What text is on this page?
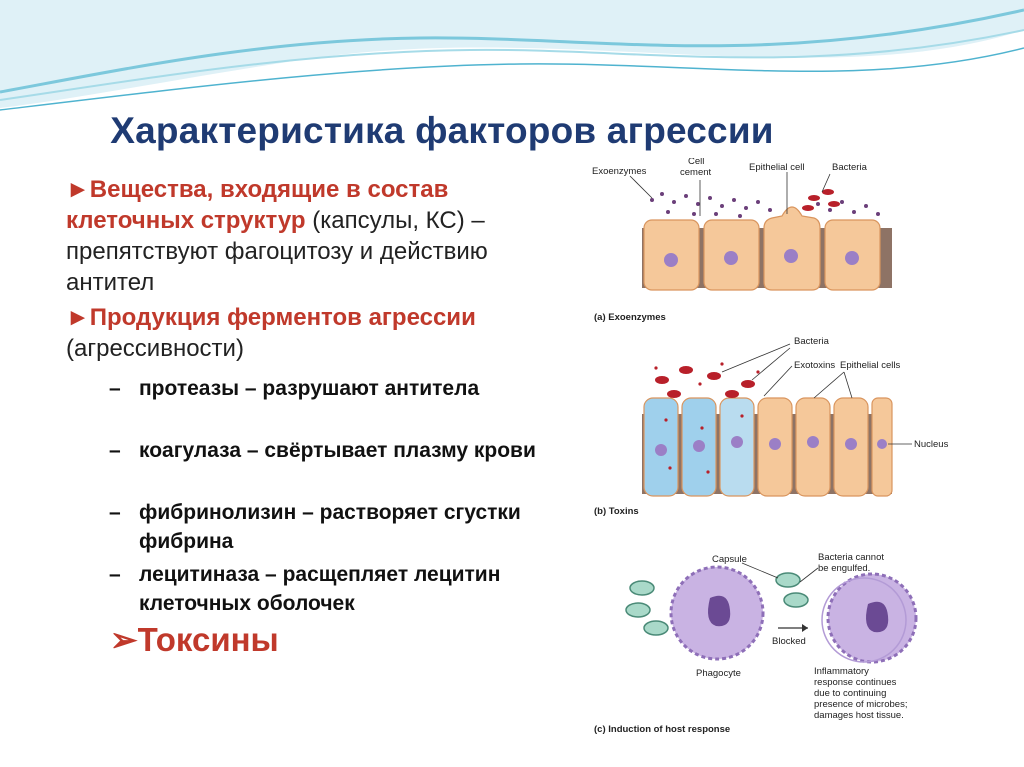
Характеристика факторов агрессии
►Вещества, входящие в состав клеточных структур (капсулы, КС) – препятствуют фагоцитозу и действию антител
►Продукция ферментов агрессии (агрессивности)
– протеазы – разрушают антитела
– коагулаза – свёртывает плазму крови
– фибринолизин – растворяет сгустки фибрина
– лецитиназа – расщепляет лецитин клеточных оболочек
➢Токсины
Exoenzymes
Cell
cement	Epithelial cell	Bacteria
(a) Exoenzymes
Bacteria
Exotoxins Epithelial cells
Nucleus
(b) Toxins
Capsule	Bacteria cannot
be engulfed.
Blocked
Phagocyte	Inflammatory
response continues
due to continuing
presence of microbes;
damages host tissue.
(c) Induction of host response
